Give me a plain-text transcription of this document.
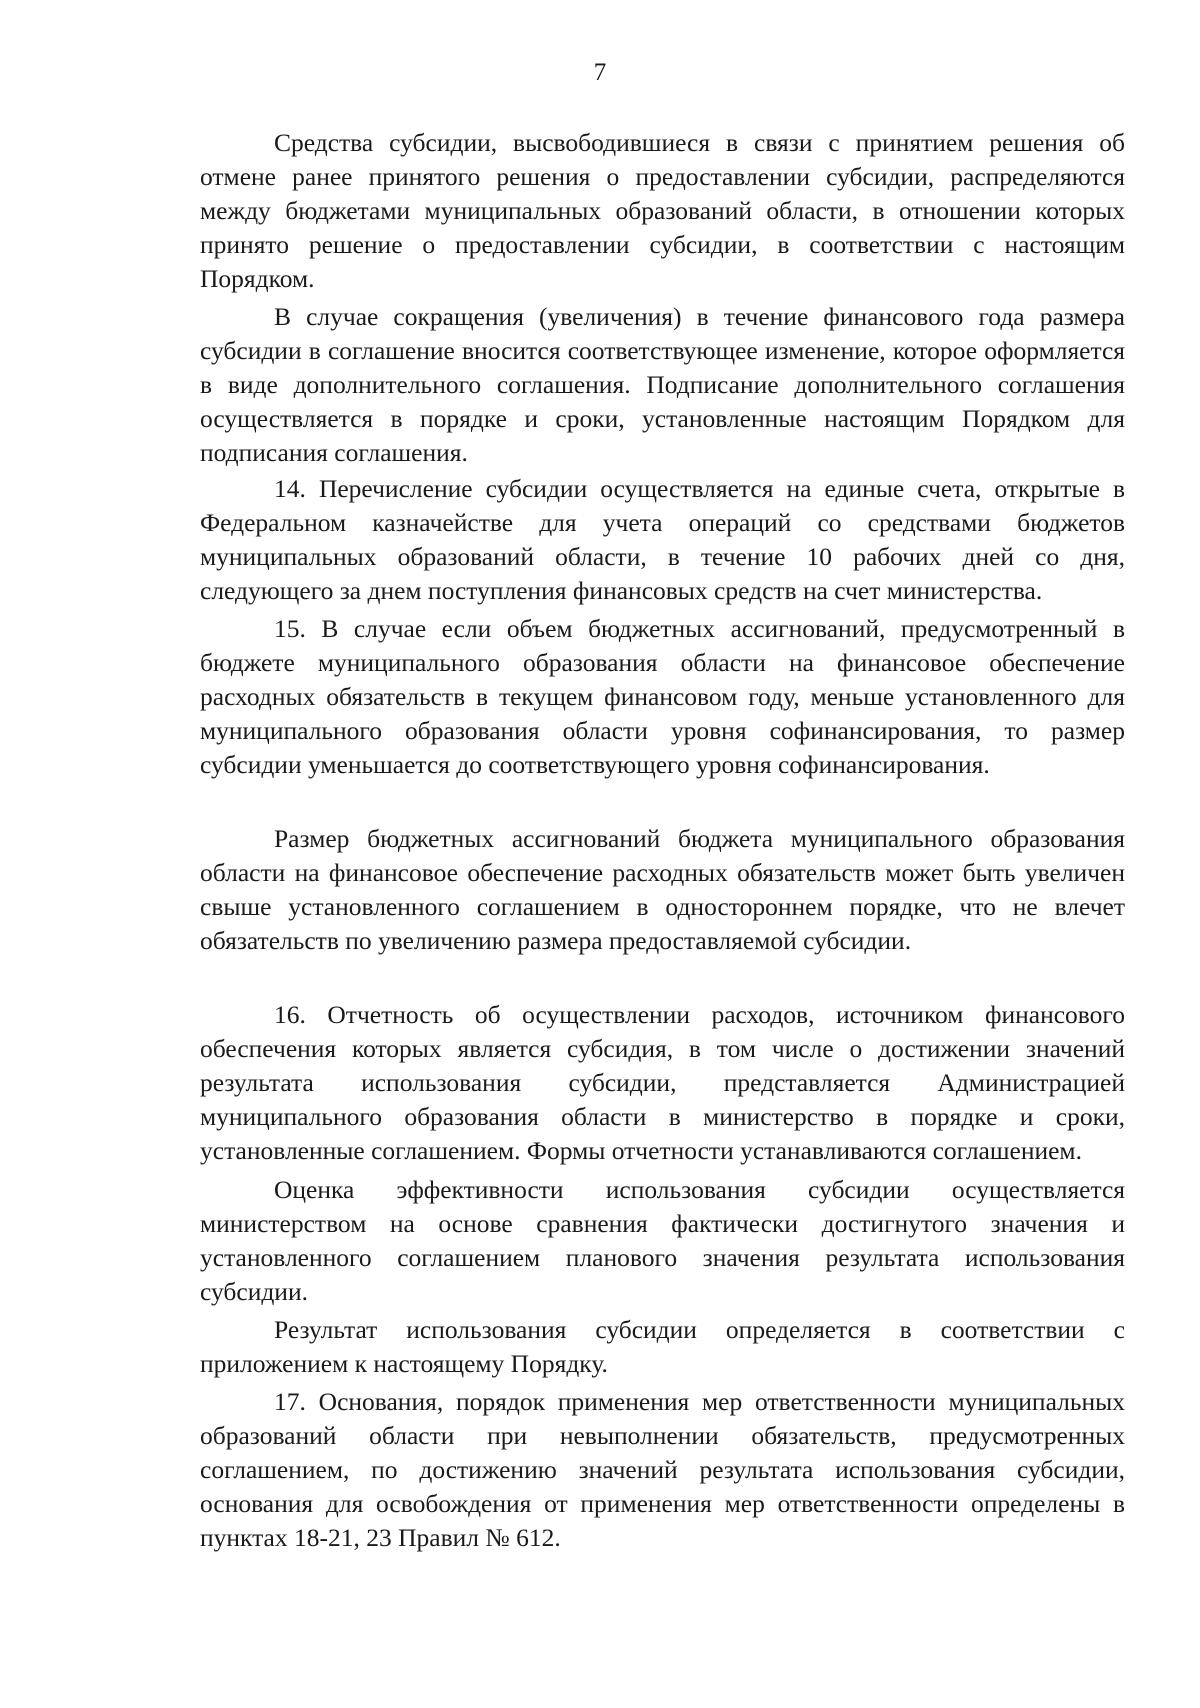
7

Средства субсидии, высвободившиеся в связи с принятием решения об отмене ранее принятого решения о предоставлении субсидии, распределяются между бюджетами муниципальных образований области, в отношении которых принято решение о предоставлении субсидии, в соответствии с настоящим Порядком.

В случае сокращения (увеличения) в течение финансового года размера субсидии в соглашение вносится соответствующее изменение, которое оформляется в виде дополнительного соглашения. Подписание дополнительного соглашения осуществляется в порядке и сроки, установленные настоящим Порядком для подписания соглашения.

14. Перечисление субсидии осуществляется на единые счета, открытые в Федеральном казначействе для учета операций со средствами бюджетов муниципальных образований области, в течение 10 рабочих дней со дня, следующего за днем поступления финансовых средств на счет министерства.

15. В случае если объем бюджетных ассигнований, предусмотренный в бюджете муниципального образования области на финансовое обеспечение расходных обязательств в текущем финансовом году, меньше установленного для муниципального образования области уровня софинансирования, то размер субсидии уменьшается до соответствующего уровня софинансирования.

Размер бюджетных ассигнований бюджета муниципального образования области на финансовое обеспечение расходных обязательств может быть увеличен свыше установленного соглашением в одностороннем порядке, что не влечет обязательств по увеличению размера предоставляемой субсидии.

16. Отчетность об осуществлении расходов, источником финансового обеспечения которых является субсидия, в том числе о достижении значений результата использования субсидии, представляется Администрацией муниципального образования области в министерство в порядке и сроки, установленные соглашением. Формы отчетности устанавливаются соглашением.

Оценка эффективности использования субсидии осуществляется министерством на основе сравнения фактически достигнутого значения и установленного соглашением планового значения результата использования субсидии.

Результат использования субсидии определяется в соответствии с приложением к настоящему Порядку.

17. Основания, порядок применения мер ответственности муниципальных образований области при невыполнении обязательств, предусмотренных соглашением, по достижению значений результата использования субсидии, основания для освобождения от применения мер ответственности определены в пунктах 18-21, 23 Правил № 612.
